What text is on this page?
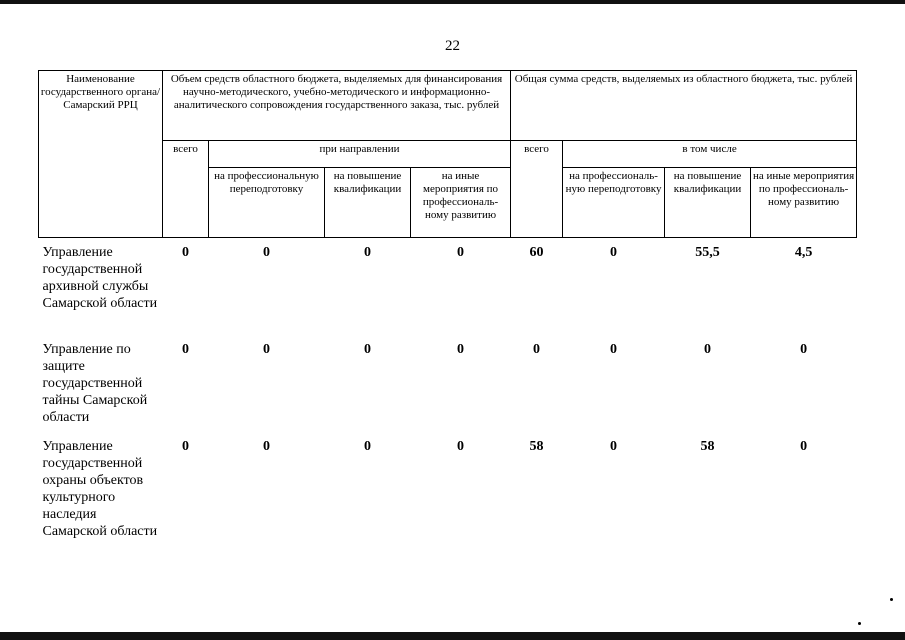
22
Наименование государственного органа/Самарский РРЦ	Объем средств областного бюджета, выделяемых для финансирования научно-методического, учебно-методического и информационно-аналитического сопровождения государственного заказа, тыс. рублей				Общая сумма средств, выделяемых из областного бюджета, тыс. рублей			
	всего	при направлении			всего	в том числе		
		на профессиональную переподготовку	на повышение квалификации	на иные мероприятия по профессиональ-ному развитию		на профессиональ-ную переподготовку	на повышение квалификации	на иные мероприятия по профессиональ-ному развитию
Управление государственной архивной службы Самарской области	0	0	0	0	60	0	55,5	4,5
Управление по защите государственной тайны Самарской области	0	0	0	0	0	0	0	0
Управление государственной охраны объектов культурного наследия Самарской области	0	0	0	0	58	0	58	0
